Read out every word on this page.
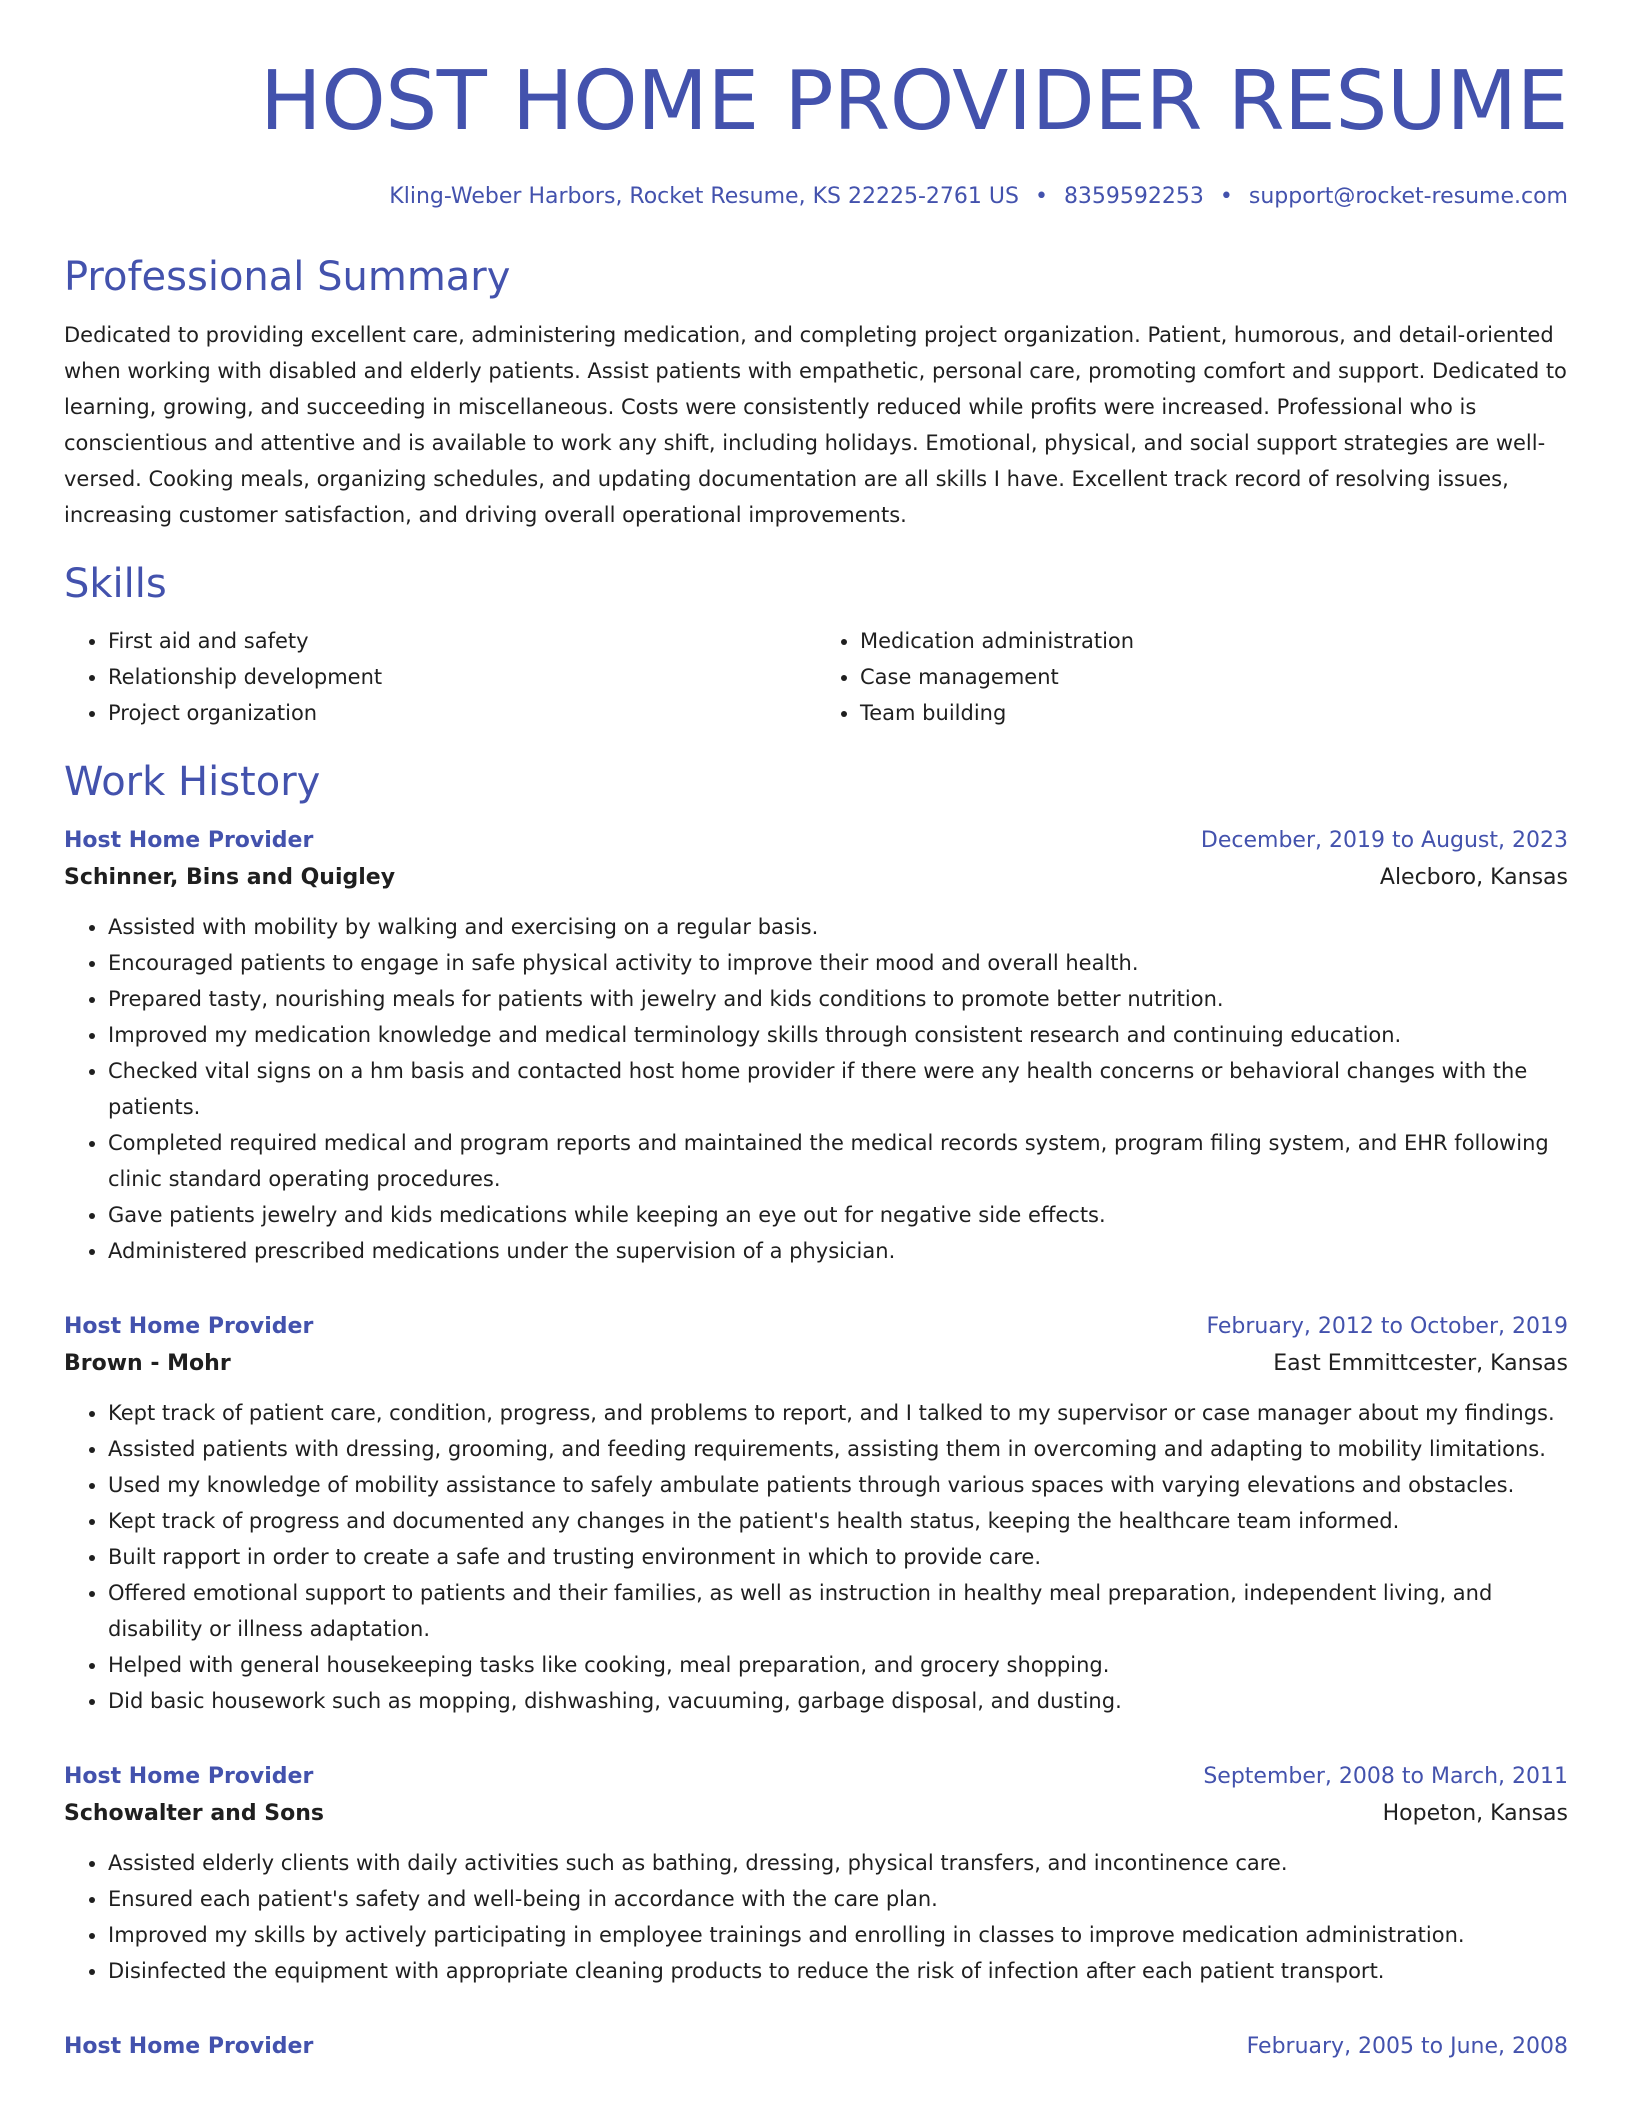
HOST HOME PROVIDER RESUME
Kling-Weber Harbors, Rocket Resume, KS 22225-2761 US • 8359592253 • support@rocket-resume.com
Professional Summary

Dedicated to providing excellent care, administering medication, and completing project organization. Patient, humorous, and detail-oriented when working with disabled and elderly patients. Assist patients with empathetic, personal care, promoting comfort and support. Dedicated to learning, growing, and succeeding in miscellaneous. Costs were consistently reduced while profits were increased. Professional who is conscientious and attentive and is available to work any shift, including holidays. Emotional, physical, and social support strategies are well-versed. Cooking meals, organizing schedules, and updating documentation are all skills I have. Excellent track record of resolving issues, increasing customer satisfaction, and driving overall operational improvements.

Skills
• First aid and safety
• Relationship development
• Project organization
• Medication administration
• Case management
• Team building
Work History
Host Home Provider	December, 2019 to August, 2023
Schinner, Bins and Quigley	Alecboro, Kansas
• Assisted with mobility by walking and exercising on a regular basis.
• Encouraged patients to engage in safe physical activity to improve their mood and overall health.
• Prepared tasty, nourishing meals for patients with jewelry and kids conditions to promote better nutrition.
• Improved my medication knowledge and medical terminology skills through consistent research and continuing education.
• Checked vital signs on a hm basis and contacted host home provider if there were any health concerns or behavioral changes with the patients.
• Completed required medical and program reports and maintained the medical records system, program filing system, and EHR following clinic standard operating procedures.
• Gave patients jewelry and kids medications while keeping an eye out for negative side effects.
• Administered prescribed medications under the supervision of a physician.
Host Home Provider	February, 2012 to October, 2019
Brown - Mohr	East Emmittcester, Kansas
• Kept track of patient care, condition, progress, and problems to report, and I talked to my supervisor or case manager about my findings.
• Assisted patients with dressing, grooming, and feeding requirements, assisting them in overcoming and adapting to mobility limitations.
• Used my knowledge of mobility assistance to safely ambulate patients through various spaces with varying elevations and obstacles.
• Kept track of progress and documented any changes in the patient's health status, keeping the healthcare team informed.
• Built rapport in order to create a safe and trusting environment in which to provide care.
• Offered emotional support to patients and their families, as well as instruction in healthy meal preparation, independent living, and disability or illness adaptation.
• Helped with general housekeeping tasks like cooking, meal preparation, and grocery shopping.
• Did basic housework such as mopping, dishwashing, vacuuming, garbage disposal, and dusting.
Host Home Provider	September, 2008 to March, 2011
Schowalter and Sons	Hopeton, Kansas
• Assisted elderly clients with daily activities such as bathing, dressing, physical transfers, and incontinence care.
• Ensured each patient's safety and well-being in accordance with the care plan.
• Improved my skills by actively participating in employee trainings and enrolling in classes to improve medication administration.
• Disinfected the equipment with appropriate cleaning products to reduce the risk of infection after each patient transport.
Host Home Provider	February, 2005 to June, 2008
